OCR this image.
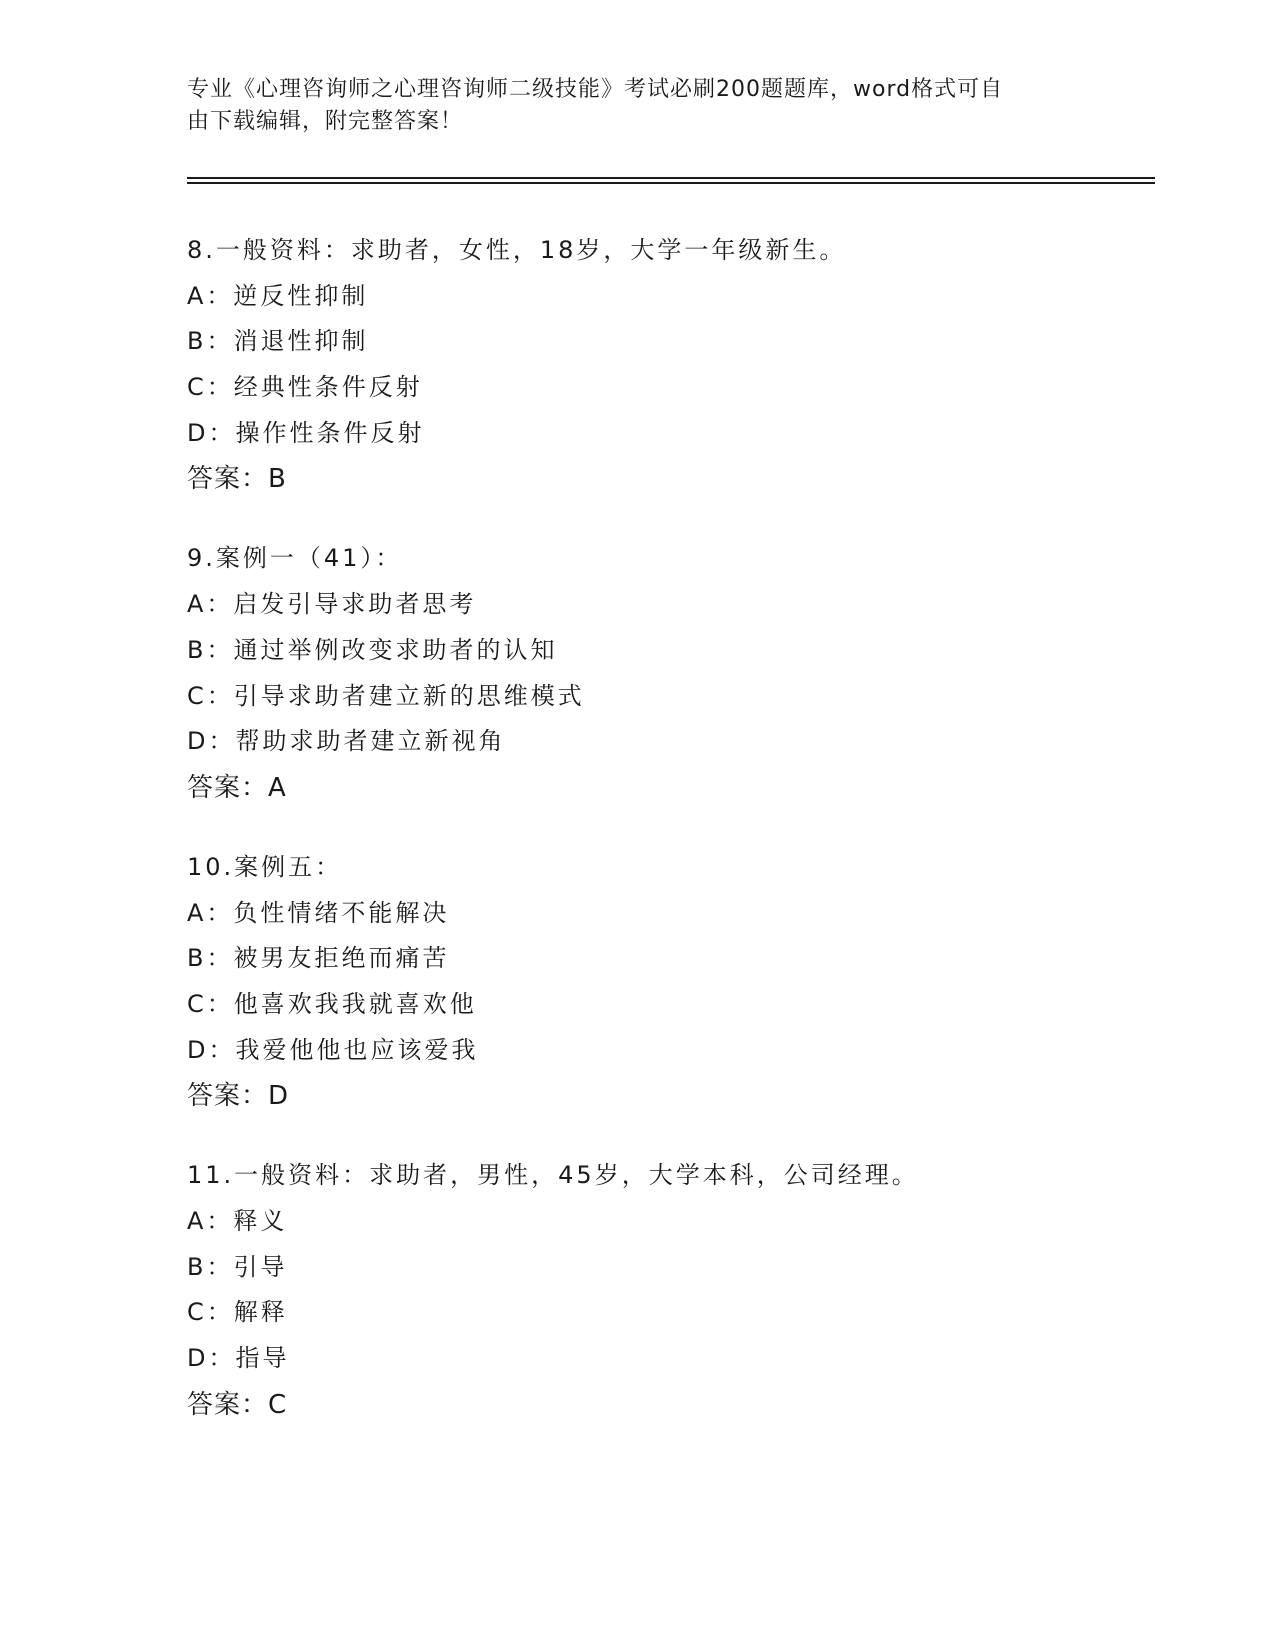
专业《心理咨询师之心理咨询师二级技能》考试必刷200题题库，word格式可自
由下载编辑，附完整答案！
8.一般资料：求助者，女性，18岁，大学一年级新生。
A：逆反性抑制
B：消退性抑制
C：经典性条件反射
D：操作性条件反射
答案：B
9.案例一（41）：
A：启发引导求助者思考
B：通过举例改变求助者的认知
C：引导求助者建立新的思维模式
D：帮助求助者建立新视角
答案：A
10.案例五：
A：负性情绪不能解决
B：被男友拒绝而痛苦
C：他喜欢我我就喜欢他
D：我爱他他也应该爱我
答案：D
11.一般资料：求助者，男性，45岁，大学本科，公司经理。
A：释义
B：引导
C：解释
D：指导
答案：C
